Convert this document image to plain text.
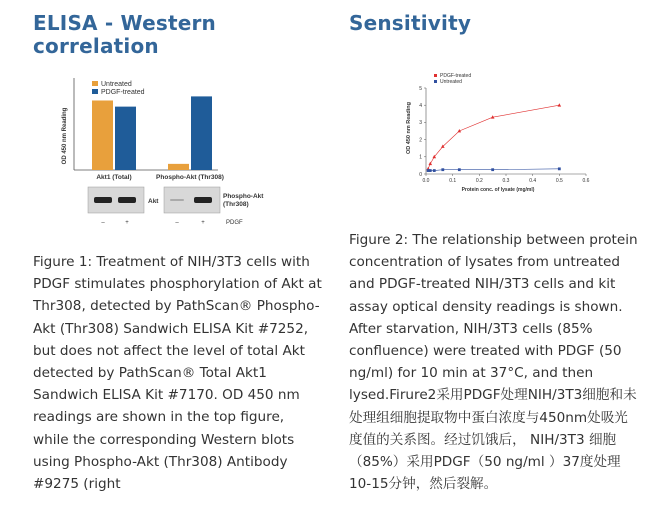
ELISA - Western correlation
OD 450 nm Reading
Untreated
PDGF-treated
Akt1 (Total)	Phospho-Akt (Thr308)
Akt
Phospho-Akt
(Thr308)
–	+	–	+	PDGF

Figure 1: Treatment of NIH/3T3 cells with PDGF stimulates phosphorylation of Akt at Thr308, detected by PathScan® Phospho-Akt (Thr308) Sandwich ELISA Kit #7252, but does not affect the level of total Akt detected by PathScan® Total Akt1 Sandwich ELISA Kit #7170. OD 450 nm readings are shown in the top figure, while the corresponding Western blots using Phospho-Akt (Thr308) Antibody #9275 (right

Sensitivity
OD 450 nm Reading
PDGF-treated
Untreated
0
1
2
3
4
5
0.0	0.1	0.2	0.3	0.4	0.5	0.6
Protein conc. of lysate (mg/ml)

Figure 2: The relationship between protein concentration of lysates from untreated and PDGF-treated NIH/3T3 cells and kit assay optical density readings is shown. After starvation, NIH/3T3 cells (85% confluence) were treated with PDGF (50 ng/ml) for 10 min at 37°C, and then lysed.Firure2采用PDGF处理NIH/3T3细胞和未处理组细胞提取物中蛋白浓度与450nm处吸光度值的关系图。经过饥饿后， NIH/3T3 细胞（85%）采用PDGF（50 ng/ml ）37度处理10-15分钟，然后裂解。
